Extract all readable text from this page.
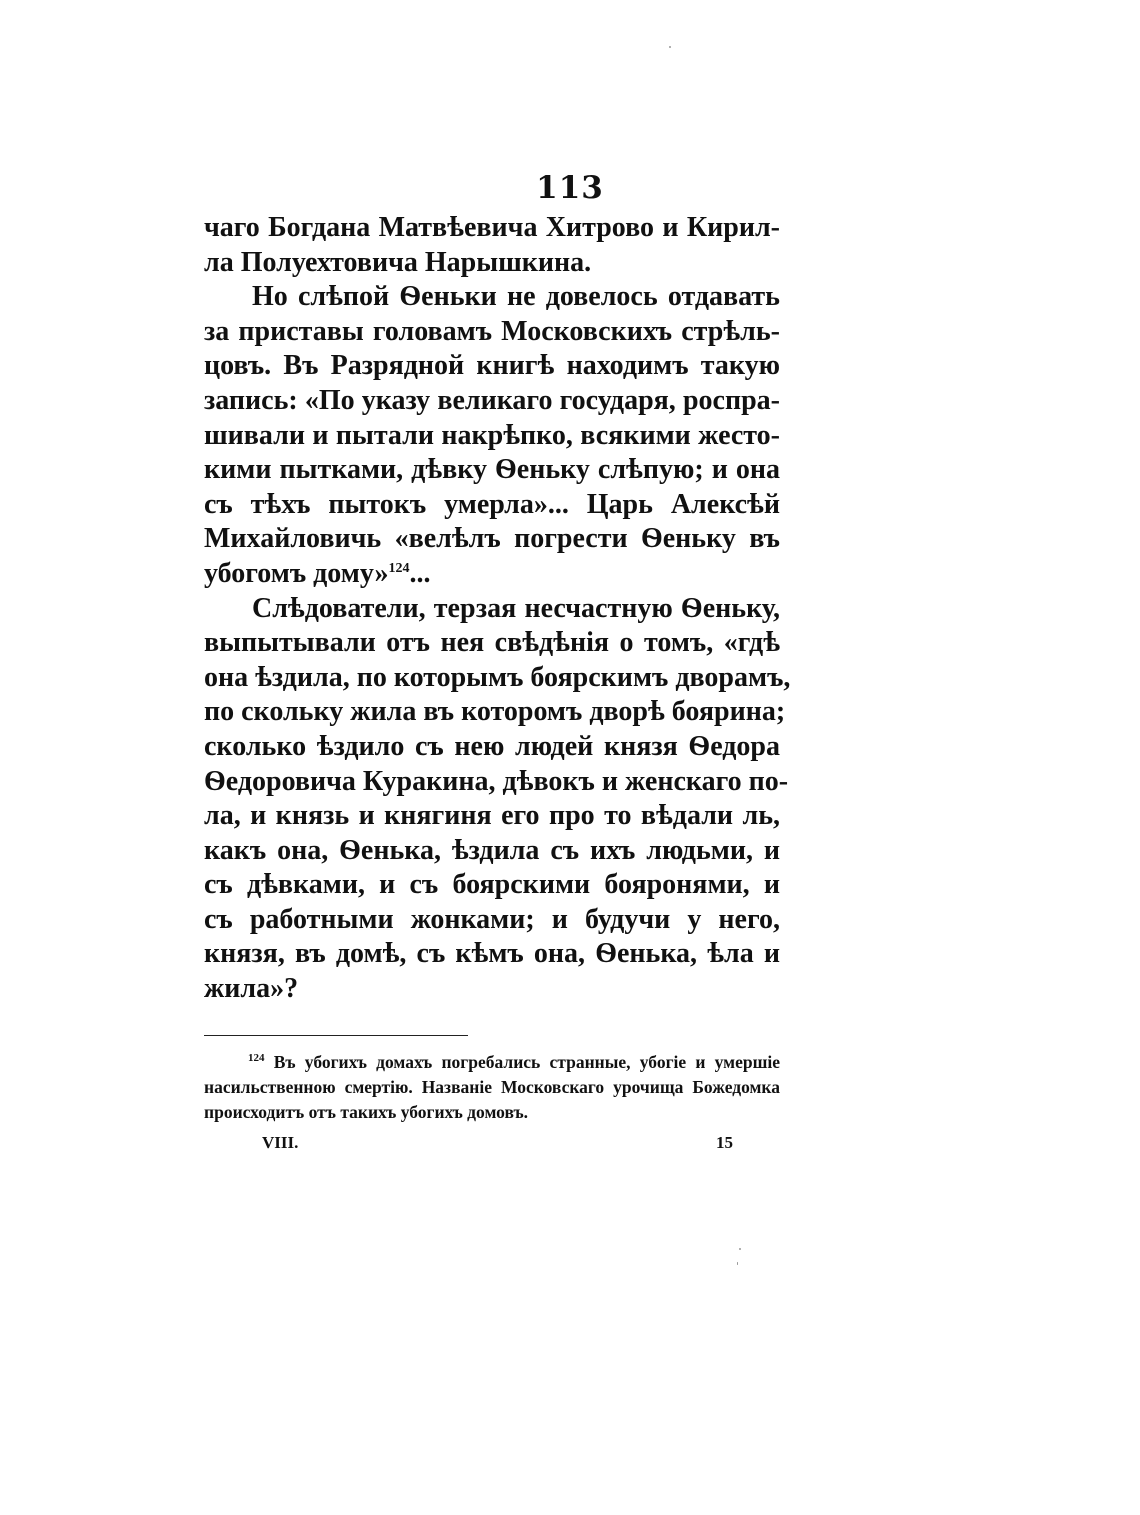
113
чаго Богдана Матвѣевича Хитрово и Кирил-
ла Полуехтовича Нарышкина.
Но слѣпой Ѳеньки не довелось отдавать
за приставы головамъ Московскихъ стрѣль-
цовъ. Въ Разрядной книгѣ находимъ такую
запись: «По указу великаго государя, роспра-
шивали и пытали накрѣпко, всякими жесто-
кими пытками, дѣвку Ѳеньку слѣпую; и она
съ тѣхъ пытокъ умерла»... Царь Алексѣй
Михайловичь «велѣлъ погрести Ѳеньку въ
убогомъ дому»$^{124}$...
Слѣдователи, терзая несчастную Ѳеньку,
выпытывали отъ нея свѣдѣнія о томъ, «гдѣ
она ѣздила, по которымъ боярскимъ дворамъ,
по скольку жила въ которомъ дворѣ боярина;
сколько ѣздило съ нею людей князя Ѳедора
Ѳедоровича Куракина, дѣвокъ и женскаго по-
ла, и князь и княгиня его про то вѣдали ль,
какъ она, Ѳенька, ѣздила съ ихъ людьми, и
съ дѣвками, и съ боярскими бояронями, и
съ работными жонками; и будучи у него,
князя, въ домѣ, съ кѣмъ она, Ѳенька, ѣла и
жила»?
$^{124}$ Въ убогихъ домахъ погребались странные, убогіе и умершіе
насильственною смертію. Названіе Московскаго урочища Божедомка
происходитъ отъ такихъ убогихъ домовъ.
VIII.	15
